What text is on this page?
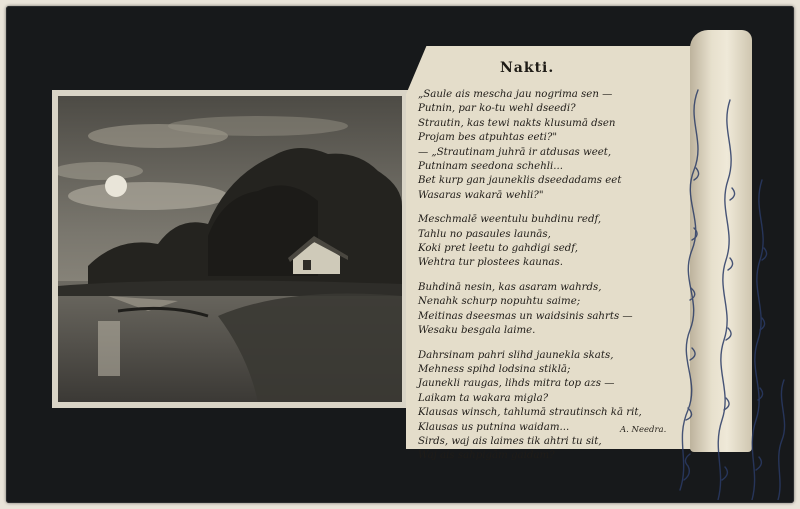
Nakti.
„Saule ais mescha jau nogrima sen —
Putnin, par ko-tu wehl dseedi?
Strautin, kas tewi nakts klusumā dsen
Projam bes atpuhtas eeti?"
— „Strautinam juhrā ir atdusas weet,
Putninam seedona schehli...
Bet kurp gan jauneklis dseedadams eet
Wasaras wakarā wehli?"
Meschmalē weentulu buhdinu redf,
Tahlu no pasaules launās,
Koki pret leetu to gahdigi sedf,
Wehtra tur plostees kaunas.
Buhdinā nesin, kas asaram wahrds,
Nenahk schurp nopuhtu saime;
Meitinas dseesmas un waidsinis sahrts —
Wesaku besgala laime.
Dahrsinam pahri slihd jaunekla skats,
Mehness spihd lodsina stiklā;
Jaunekli raugas, lihds mitra top azs —
Laikam ta wakara migla?
Klausas winsch, tahlumā strautinsch kā rit,
Klausas us putnina waidam...
Sirds, waj ais laimes tik ahtri tu sit,
Waj ais sahpigām gaidam?
A. Needra.
